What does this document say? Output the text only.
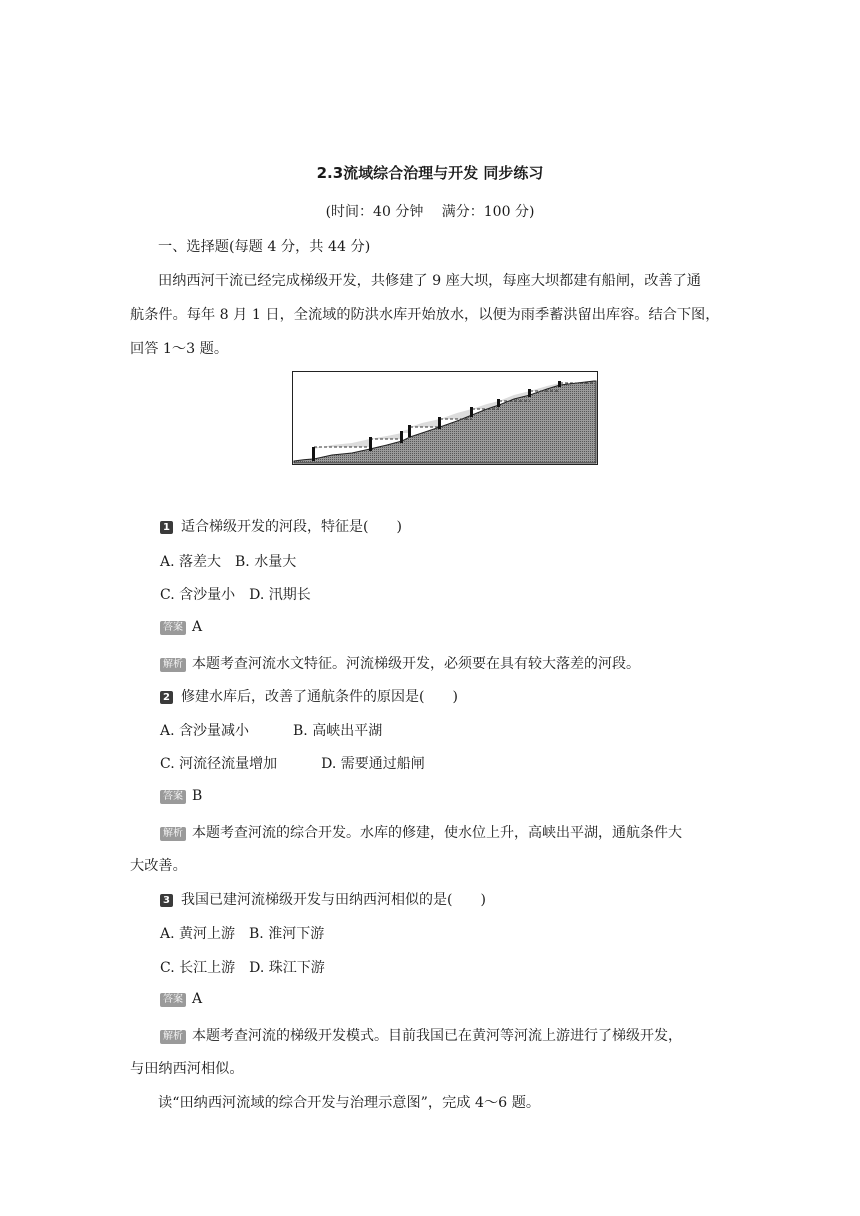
2.3流域综合治理与开发 同步练习
(时间：40 分钟　 满分：100 分)
一、选择题(每题 4 分，共 44 分)
田纳西河干流已经完成梯级开发，共修建了 9 座大坝，每座大坝都建有船闸，改善了通
航条件。每年 8 月 1 日，全流域的防洪水库开始放水，以便为雨季蓄洪留出库容。结合下图，
回答 1～3 题。
1 适合梯级开发的河段，特征是(　　)
A. 落差大 B. 水量大
C. 含沙量小 D. 汛期长
答案 A
解析 本题考查河流水文特征。河流梯级开发，必须要在具有较大落差的河段。
2 修建水库后，改善了通航条件的原因是(　　)
A. 含沙量减小	B. 高峡出平湖
C. 河流径流量增加	D. 需要通过船闸
答案 B
解析 本题考查河流的综合开发。水库的修建，使水位上升，高峡出平湖，通航条件大
大改善。
3 我国已建河流梯级开发与田纳西河相似的是(　　)
A. 黄河上游 B. 淮河下游
C. 长江上游 D. 珠江下游
答案 A
解析 本题考查河流的梯级开发模式。目前我国已在黄河等河流上游进行了梯级开发，
与田纳西河相似。
读“田纳西河流域的综合开发与治理示意图”，完成 4～6 题。
